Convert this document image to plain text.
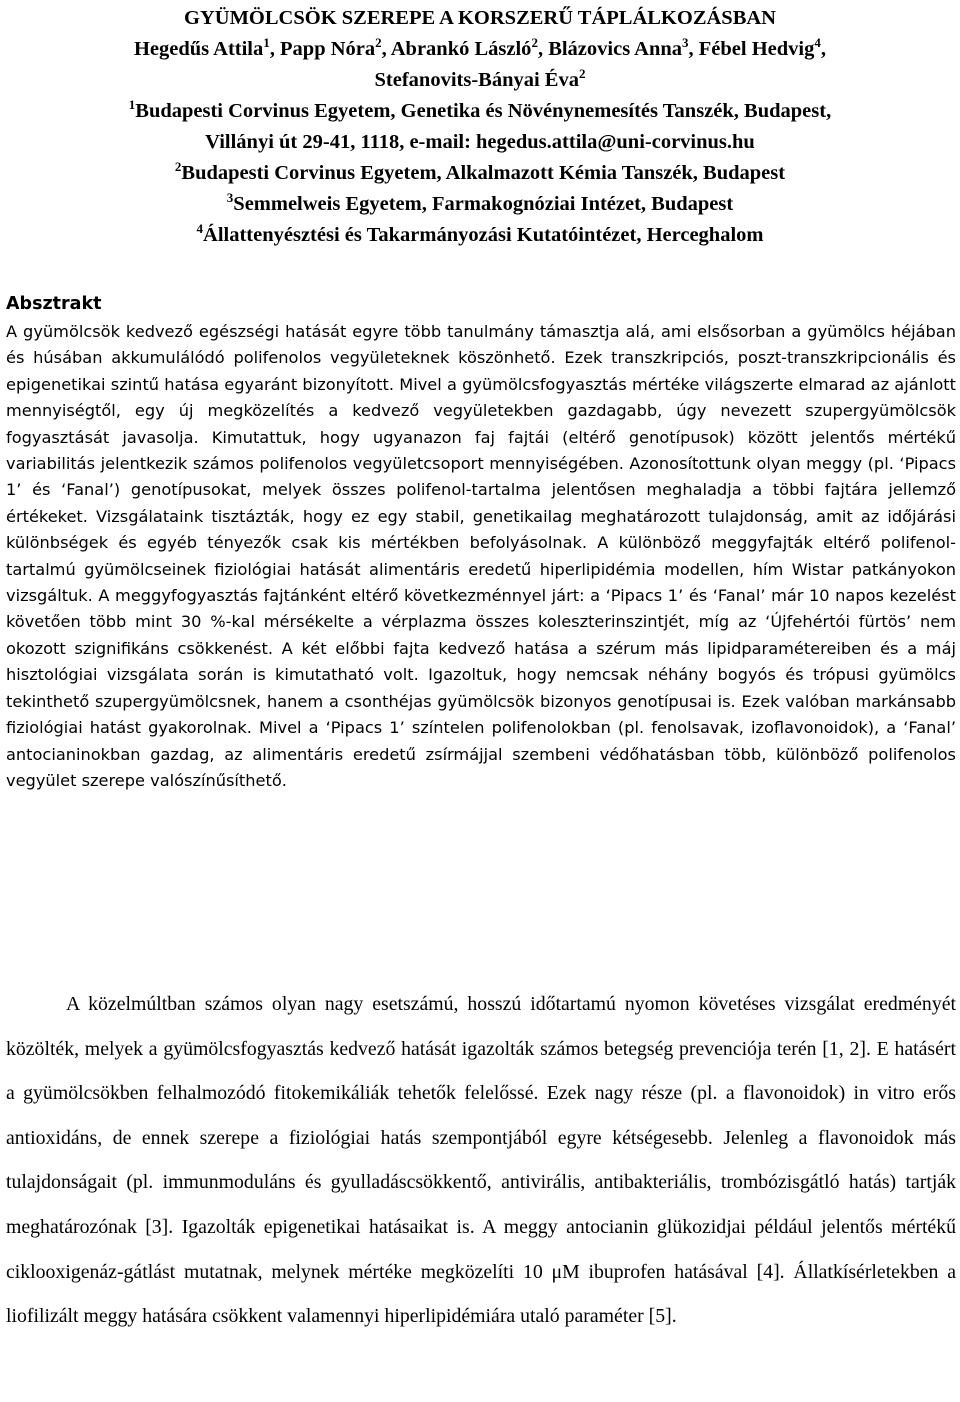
GYÜMÖLCSÖK SZEREPE A KORSZERŰ TÁPLÁLKOZÁSBAN
Hegedűs Attila$^1$, Papp Nóra$^2$, Abrankó László$^2$, Blázovics Anna$^3$, Fébel Hedvig$^4$,
Stefanovits-Bányai Éva$^2$
$^1$Budapesti Corvinus Egyetem, Genetika és Növénynemesítés Tanszék, Budapest,
Villányi út 29-41, 1118, e-mail: hegedus.attila@uni-corvinus.hu
$^2$Budapesti Corvinus Egyetem, Alkalmazott Kémia Tanszék, Budapest
$^3$Semmelweis Egyetem, Farmakognóziai Intézet, Budapest
$^4$Állattenyésztési és Takarmányozási Kutatóintézet, Herceghalom
Absztrakt

A gyümölcsök kedvező egészségi hatását egyre több tanulmány támasztja alá, ami elsősorban a gyümölcs héjában és húsában akkumulálódó polifenolos vegyületeknek köszönhető. Ezek transzkripciós, poszt-transzkripcionális és epigenetikai szintű hatása egyaránt bizonyított. Mivel a gyümölcsfogyasztás mértéke világszerte elmarad az ajánlott mennyiségtől, egy új megközelítés a kedvező vegyületekben gazdagabb, úgy nevezett szupergyümölcsök fogyasztását javasolja. Kimutattuk, hogy ugyanazon faj fajtái (eltérő genotípusok) között jelentős mértékű variabilitás jelentkezik számos polifenolos vegyületcsoport mennyiségében. Azonosítottunk olyan meggy (pl. ‘Pipacs 1’ és ‘Fanal’) genotípusokat, melyek összes polifenol-tartalma jelentősen meghaladja a többi fajtára jellemző értékeket. Vizsgálataink tisztázták, hogy ez egy stabil, genetikailag meghatározott tulajdonság, amit az időjárási különbségek és egyéb tényezők csak kis mértékben befolyásolnak. A különböző meggyfajták eltérő polifenol-tartalmú gyümölcseinek fiziológiai hatását alimentáris eredetű hiperlipidémia modellen, hím Wistar patkányokon vizsgáltuk. A meggyfogyasztás fajtánként eltérő következménnyel járt: a ‘Pipacs 1’ és ‘Fanal’ már 10 napos kezelést követően több mint 30 %-kal mérsékelte a vérplazma összes koleszterinszintjét, míg az ‘Újfehértói fürtös’ nem okozott szignifikáns csökkenést. A két előbbi fajta kedvező hatása a szérum más lipidparamétereiben és a máj hisztológiai vizsgálata során is kimutatható volt. Igazoltuk, hogy nemcsak néhány bogyós és trópusi gyümölcs tekinthető szupergyümölcsnek, hanem a csonthéjas gyümölcsök bizonyos genotípusai is. Ezek valóban markánsabb fiziológiai hatást gyakorolnak. Mivel a ‘Pipacs 1’ színtelen polifenolokban (pl. fenolsavak, izoflavonoidok), a ‘Fanal’ antocianinokban gazdag, az alimentáris eredetű zsírmájjal szembeni védőhatásban több, különböző polifenolos vegyület szerepe valószínűsíthető.

A közelmúltban számos olyan nagy esetszámú, hosszú időtartamú nyomon követéses vizsgálat eredményét közölték, melyek a gyümölcsfogyasztás kedvező hatását igazolták számos betegség prevenciója terén [1, 2]. E hatásért a gyümölcsökben felhalmozódó fitokemikáliák tehetők felelőssé. Ezek nagy része (pl. a flavonoidok) in vitro erős antioxidáns, de ennek szerepe a fiziológiai hatás szempontjából egyre kétségesebb. Jelenleg a flavonoidok más tulajdonságait (pl. immunmoduláns és gyulladáscsökkentő, antivirális, antibakteriális, trombózisgátló hatás) tartják meghatározónak [3]. Igazolták epigenetikai hatásaikat is. A meggy antocianin glükozidjai például jelentős mértékű ciklooxigenáz-gátlást mutatnak, melynek mértéke megközelíti 10 μM ibuprofen hatásával [4]. Állatkísérletekben a liofilizált meggy hatására csökkent valamennyi hiperlipidémiára utaló paraméter [5].
